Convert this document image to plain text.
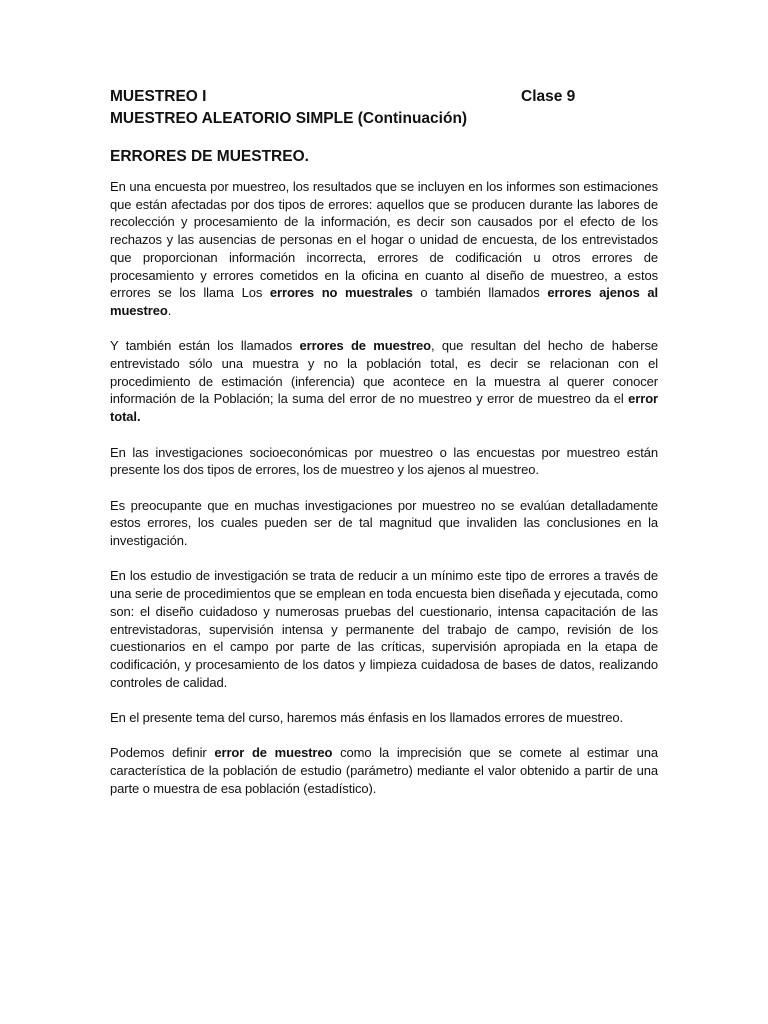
MUESTREO I	Clase 9

MUESTREO ALEATORIO SIMPLE (Continuación)

ERRORES DE MUESTREO.

En una encuesta por muestreo, los resultados que se incluyen en los informes son estimaciones que están afectadas por dos tipos de errores: aquellos que se producen durante las labores de recolección y procesamiento de la información, es decir son causados por el efecto de los rechazos y las ausencias de personas en el hogar o unidad de encuesta, de los entrevistados que proporcionan información incorrecta, errores de codificación u otros errores de procesamiento y errores cometidos en la oficina en cuanto al diseño de muestreo, a estos errores se los llama Los errores no muestrales o también llamados errores ajenos al muestreo.

Y también están los llamados errores de muestreo, que resultan del hecho de haberse entrevistado sólo una muestra y no la población total, es decir se relacionan con el procedimiento de estimación (inferencia) que acontece en la muestra al querer conocer información de la Población; la suma del error de no muestreo y error de muestreo da el error total.

En las investigaciones socioeconómicas por muestreo o las encuestas por muestreo están presente los dos tipos de errores, los de muestreo y los ajenos al muestreo.

Es preocupante que en muchas investigaciones por muestreo no se evalúan detalladamente estos errores, los cuales pueden ser de tal magnitud que invaliden las conclusiones en la investigación.

En los estudio de investigación se trata de reducir a un mínimo este tipo de errores a través de una serie de procedimientos que se emplean en toda encuesta bien diseñada y ejecutada, como son: el diseño cuidadoso y numerosas pruebas del cuestionario, intensa capacitación de las entrevistadoras, supervisión intensa y permanente del trabajo de campo, revisión de los cuestionarios en el campo por parte de las críticas, supervisión apropiada en la etapa de codificación, y procesamiento de los datos y limpieza cuidadosa de bases de datos, realizando controles de calidad.

En el presente tema del curso, haremos más énfasis en los llamados errores de muestreo.

Podemos definir error de muestreo como la imprecisión que se comete al estimar una característica de la población de estudio (parámetro) mediante el valor obtenido a partir de una parte o muestra de esa población (estadístico).
